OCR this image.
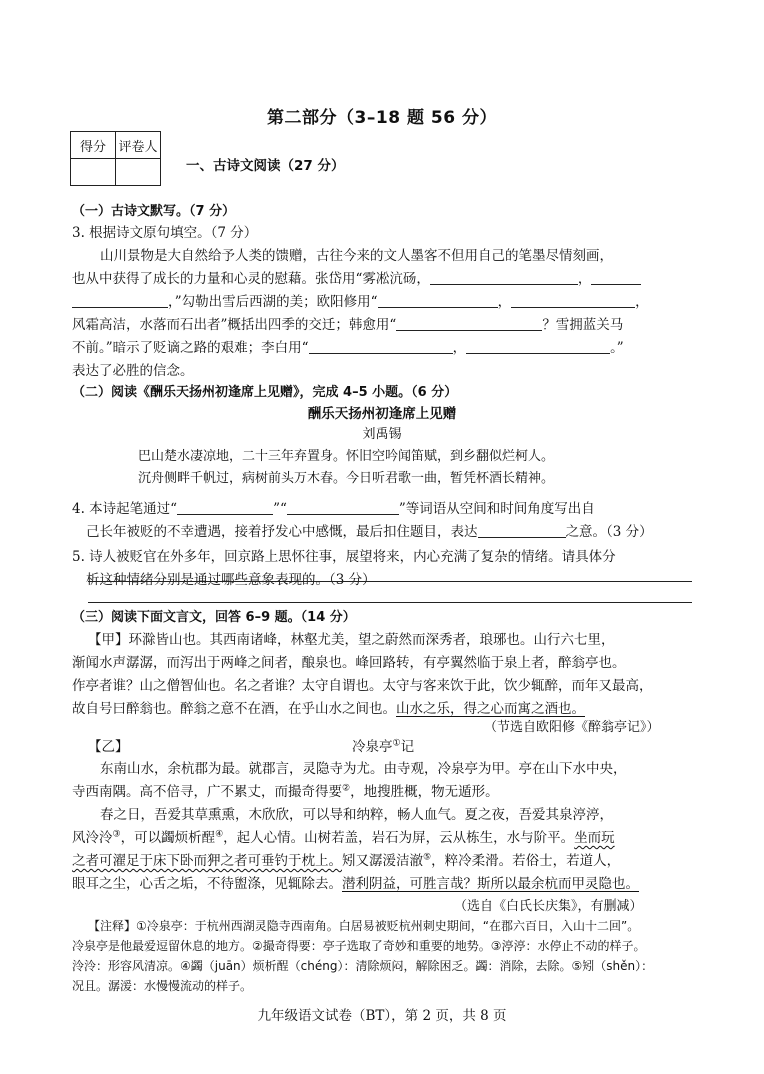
第二部分（3–18 题 56 分）
得分	评卷人

一、古诗文阅读（27 分）
（一）古诗文默写。（7 分）
3. 根据诗文原句填空。（7 分）
山川景物是大自然给予人类的馈赠，古往今来的文人墨客不但用自己的笔墨尽情刻画，
也从中获得了成长的力量和心灵的慰藉。张岱用“雾凇沆砀，	，
，”勾勒出雪后西湖的美；欧阳修用“	，	，
风霜高洁，水落而石出者”概括出四季的交迁；韩愈用“	？雪拥蓝关马
不前。”暗示了贬谪之路的艰难；李白用“	，	。”
表达了必胜的信念。
（二）阅读《酬乐天扬州初逢席上见赠》，完成 4–5 小题。（6 分）
酬乐天扬州初逢席上见赠
刘禹锡
巴山楚水凄凉地，二十三年弃置身。怀旧空吟闻笛赋，到乡翻似烂柯人。
沉舟侧畔千帆过，病树前头万木春。今日听君歌一曲，暂凭杯酒长精神。
4. 本诗起笔通过“	”“	”等词语从空间和时间角度写出自
己长年被贬的不幸遭遇，接着抒发心中感慨，最后扣住题目，表达	之意。（3 分）
5. 诗人被贬官在外多年，回京路上思怀往事，展望将来，内心充满了复杂的情绪。请具体分
析这种情绪分别是通过哪些意象表现的。（3 分）
（三）阅读下面文言文，回答 6–9 题。（14 分）
【甲】环滁皆山也。其西南诸峰，林壑尤美，望之蔚然而深秀者，琅琊也。山行六七里，
渐闻水声潺潺，而泻出于两峰之间者，酿泉也。峰回路转，有亭翼然临于泉上者，醉翁亭也。
作亭者谁？山之僧智仙也。名之者谁？太守自谓也。太守与客来饮于此，饮少辄醉，而年又最高，
故自号曰醉翁也。醉翁之意不在酒，在乎山水之间也。山水之乐，得之心而寓之酒也。
（节选自欧阳修《醉翁亭记》）
【乙】	冷泉亭①记
东南山水，余杭郡为最。就郡言，灵隐寺为尤。由寺观，冷泉亭为甲。亭在山下水中央，
寺西南隅。高不倍寻，广不累丈，而撮奇得要②，地搜胜概，物无遁形。
春之日，吾爱其草熏熏，木欣欣，可以导和纳粹，畅人血气。夏之夜，吾爱其泉渟渟，
风泠泠③，可以蠲烦析酲④，起人心情。山树若盖，岩石为屏，云从栋生，水与阶平。坐而玩
之者可濯足于床下卧而狎之者可垂钓于枕上。矧又潺湲洁澈⑤，粹冷柔滑。若俗士，若道人，
眼耳之尘，心舌之垢，不待盥涤，见辄除去。潜利阴益，可胜言哉？斯所以最余杭而甲灵隐也。
（选自《白氏长庆集》，有删减）
【注释】①冷泉亭：于杭州西湖灵隐寺西南角。白居易被贬杭州刺史期间，“在郡六百日，入山十二回”。
冷泉亭是他最爱逗留休息的地方。②撮奇得要：亭子选取了奇妙和重要的地势。③渟渟：水停止不动的样子。
泠泠：形容风清凉。④蠲（juān）烦析酲（chéng）：清除烦闷，解除困乏。蠲：消除，去除。⑤矧（shěn）：
况且。潺湲：水慢慢流动的样子。
九年级语文试卷（BT），第 2 页，共 8 页
